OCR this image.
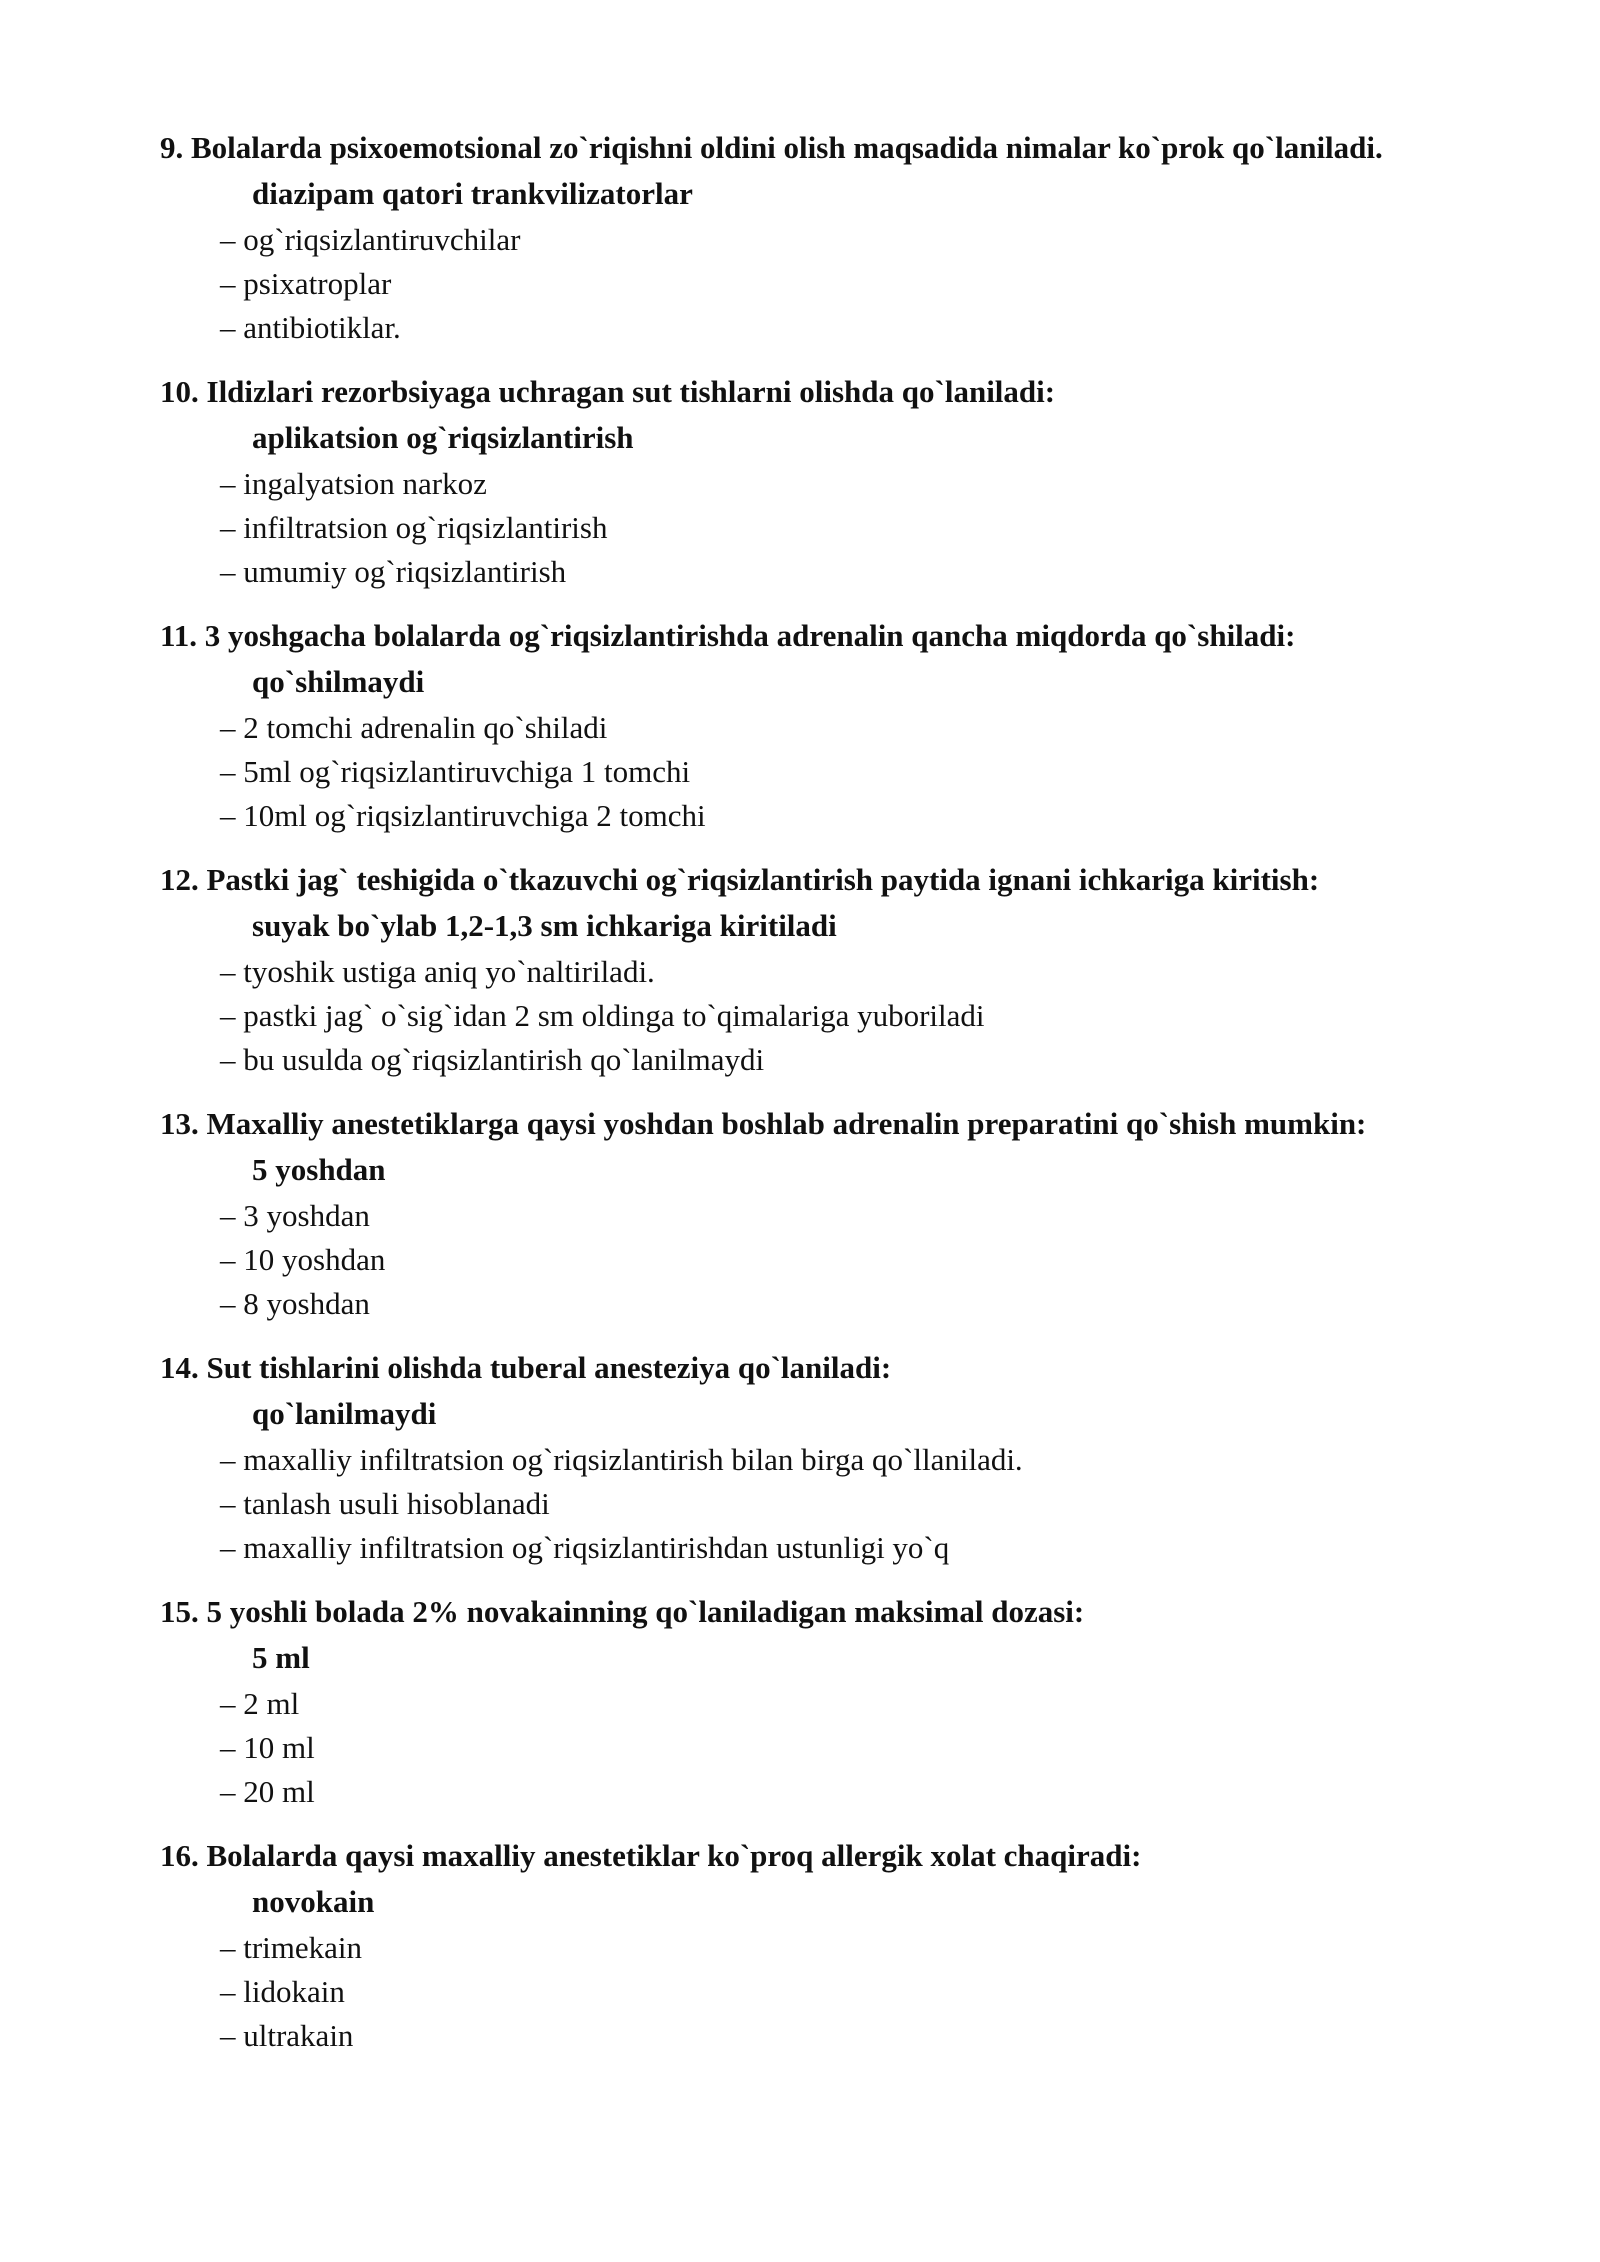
9. Bolalarda psixoemotsional zo`riqishni oldini olish maqsadida nimalar ko`prok qo`laniladi.
diazipam qatori trankvilizatorlar
– og`riqsizlantiruvchilar
– psixatroplar
– antibiotiklar.
10. Ildizlari rezorbsiyaga uchragan sut tishlarni olishda qo`laniladi:
aplikatsion og`riqsizlantirish
– ingalyatsion narkoz
– infiltratsion og`riqsizlantirish
– umumiy og`riqsizlantirish
11. 3 yoshgacha bolalarda og`riqsizlantirishda adrenalin qancha miqdorda qo`shiladi:
qo`shilmaydi
– 2 tomchi adrenalin qo`shiladi
– 5ml og`riqsizlantiruvchiga 1 tomchi
– 10ml og`riqsizlantiruvchiga 2 tomchi
12. Pastki jag` teshigida o`tkazuvchi og`riqsizlantirish paytida ignani ichkariga kiritish:
suyak bo`ylab 1,2-1,3 sm ichkariga kiritiladi
– tyoshik ustiga aniq yo`naltiriladi.
– pastki jag` o`sig`idan 2 sm oldinga to`qimalariga yuboriladi
– bu usulda og`riqsizlantirish qo`lanilmaydi
13. Maxalliy anestetiklarga qaysi yoshdan boshlab adrenalin preparatini qo`shish mumkin:
5 yoshdan
– 3 yoshdan
– 10 yoshdan
– 8 yoshdan
14. Sut tishlarini olishda tuberal anesteziya qo`laniladi:
qo`lanilmaydi
– maxalliy infiltratsion og`riqsizlantirish bilan birga qo`llaniladi.
– tanlash usuli hisoblanadi
– maxalliy infiltratsion og`riqsizlantirishdan ustunligi yo`q
15. 5 yoshli bolada 2% novakainning qo`laniladigan maksimal dozasi:
5 ml
– 2 ml
– 10 ml
– 20 ml
16. Bolalarda qaysi maxalliy anestetiklar ko`proq allergik xolat chaqiradi:
novokain
– trimekain
– lidokain
– ultrakain
